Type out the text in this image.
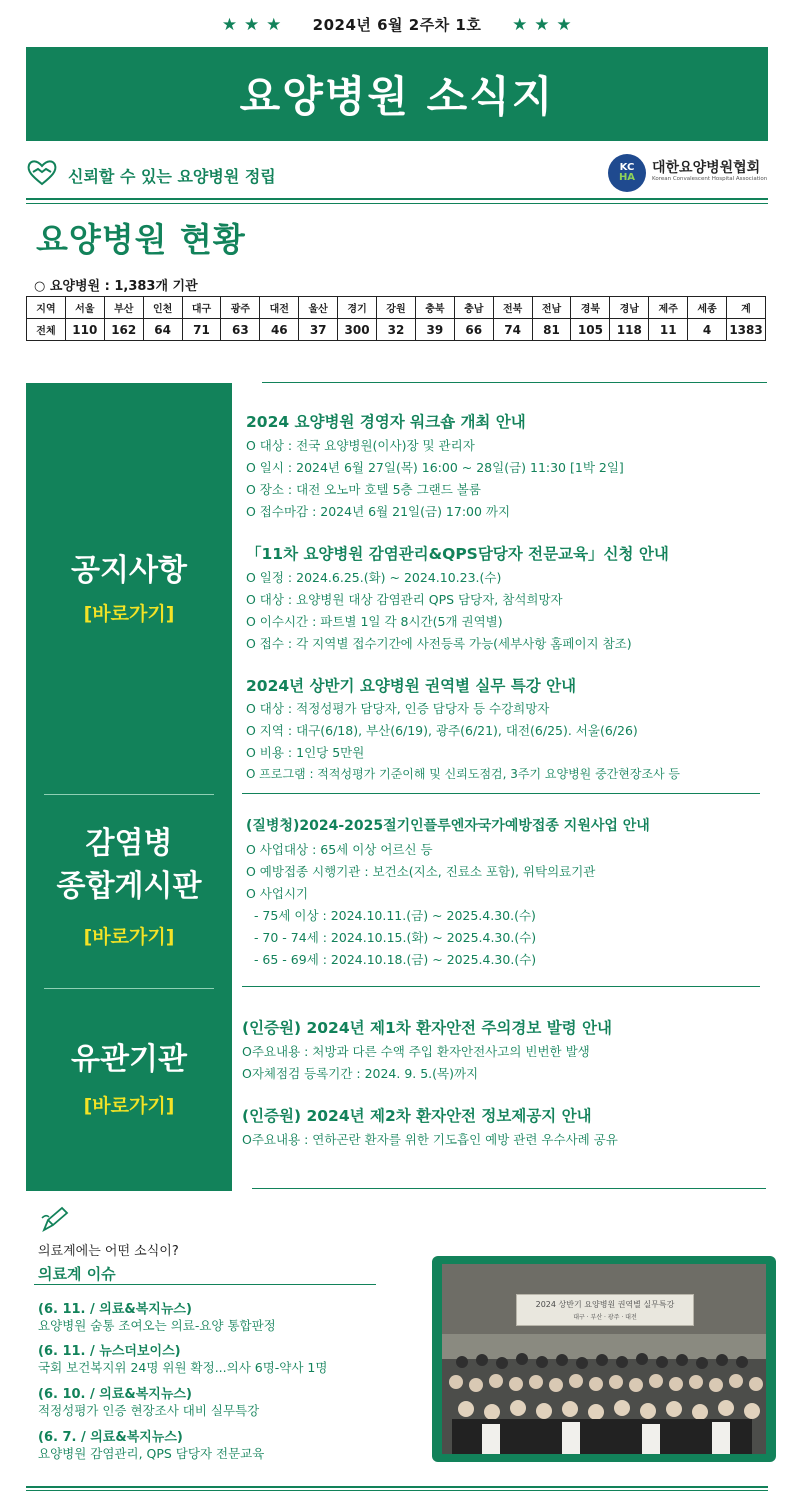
★ ★ ★ 2024년 6월 2주차 1호 ★ ★ ★
요양병원 소식지
신뢰할 수 있는 요양병원 정립	KC
HA
대한요양병원협회
Korean Convalescent Hospital Association
요양병원 현황
○ 요양병원 : 1,383개 기관
지역	서울	부산	인천	대구	광주	대전	울산	경기	강원	충북	충남	전북	전남	경북	경남	제주	세종	계
전체	110	162	64	71	63	46	37	300	32	39	66	74	81	105	118	11	4	1383
공지사항
[바로가기]
감염병
종합게시판
[바로가기]
유관기관
[바로가기]
2024 요양병원 경영자 워크숍 개최 안내
O 대상 : 전국 요양병원(이사)장 및 관리자
O 일시 : 2024년 6월 27일(목) 16:00 ~ 28일(금) 11:30 [1박 2일]
O 장소 : 대전 오노마 호텔 5층 그랜드 볼룸
O 접수마감 : 2024년 6월 21일(금) 17:00 까지
「11차 요양병원 감염관리&QPS담당자 전문교육」신청 안내
O 일정 : 2024.6.25.(화) ~ 2024.10.23.(수)
O 대상 : 요양병원 대상 감염관리 QPS 담당자, 참석희망자
O 이수시간 : 파트별 1일 각 8시간(5개 권역별)
O 접수 : 각 지역별 접수기간에 사전등록 가능(세부사항 홈페이지 참조)
2024년 상반기 요양병원 권역별 실무 특강 안내
O 대상 : 적정성평가 담당자, 인증 담당자 등 수강희망자
O 지역 : 대구(6/18), 부산(6/19), 광주(6/21), 대전(6/25). 서울(6/26)
O 비용 : 1인당 5만원
O 프로그램 : 적적성평가 기준이해 및 신뢰도점검, 3주기 요양병원 중간현장조사 등
(질병청)2024-2025절기인플루엔자국가예방접종 지원사업 안내
O 사업대상 : 65세 이상 어르신 등
O 예방접종 시행기관 : 보건소(지소, 진료소 포함), 위탁의료기관
O 사업시기
- 75세 이상 : 2024.10.11.(금) ~ 2025.4.30.(수)
- 70 - 74세 : 2024.10.15.(화) ~ 2025.4.30.(수)
- 65 - 69세 : 2024.10.18.(금) ~ 2025.4.30.(수)
(인증원) 2024년 제1차 환자안전 주의경보 발령 안내
O주요내용 : 처방과 다른 수액 주입 환자안전사고의 빈번한 발생
O자체점검 등록기간 : 2024. 9. 5.(목)까지
(인증원) 2024년 제2차 환자안전 정보제공지 안내
O주요내용 : 연하곤란 환자를 위한 기도흡인 예방 관련 우수사례 공유
의료계에는 어떤 소식이?
의료계 이슈
(6. 11. / 의료&복지뉴스)
요양병원 숨통 조여오는 의료-요양 통합판정
(6. 11. / 뉴스더보이스)
국회 보건복지위 24명 위원 확정...의사 6명-약사 1명
(6. 10. / 의료&복지뉴스)
적정성평가 인증 현장조사 대비 실무특강
(6. 7. / 의료&복지뉴스)
요양병원 감염관리, QPS 담당자 전문교육
2024 상반기 요양병원 권역별 실무특강
대구 · 부산 · 광주 · 대전
